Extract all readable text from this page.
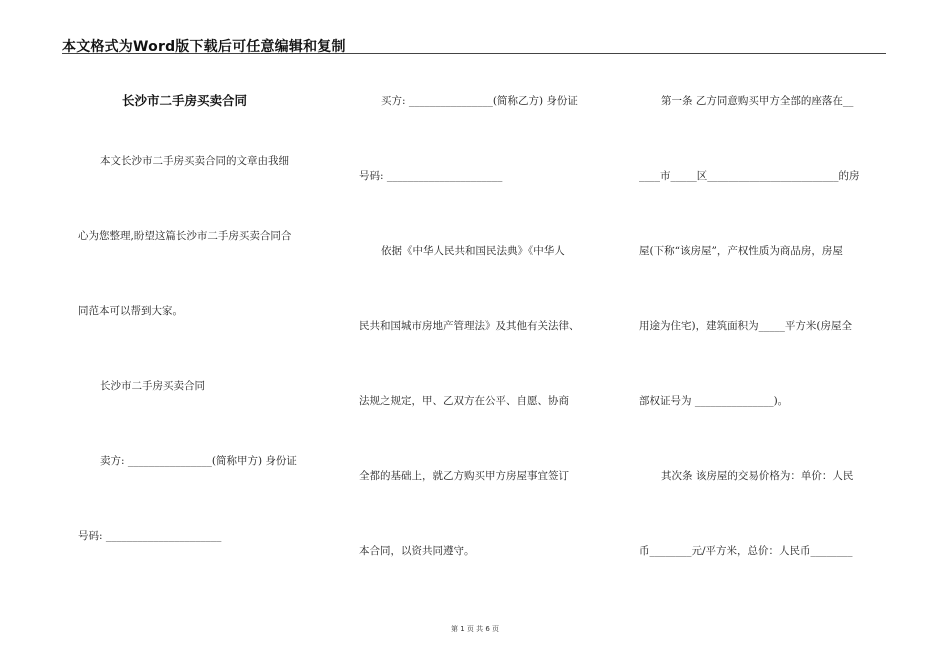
本文格式为Word版下载后可任意编辑和复制
长沙市二手房买卖合同
本文长沙市二手房买卖合同的文章由我细
心为您整理,盼望这篇长沙市二手房买卖合同合
同范本可以帮到大家。
长沙市二手房买卖合同
卖方: ________________(简称甲方) 身份证
号码: ______________________
买方: ________________(简称乙方) 身份证
号码: ______________________
依据《中华人民共和国民法典》《中华人
民共和国城市房地产管理法》及其他有关法律、
法规之规定，甲、乙双方在公平、自愿、协商
全都的基础上，就乙方购买甲方房屋事宜签订
本合同，以资共同遵守。
第一条 乙方同意购买甲方全部的座落在__
____市_____区_________________________的房
屋(下称“该房屋”，产权性质为商品房，房屋
用途为住宅)，建筑面积为_____平方米(房屋全
部权证号为 _______________)。
其次条 该房屋的交易价格为：单价：人民
币________元/平方米，总价：人民币________
第 1 页 共 6 页
